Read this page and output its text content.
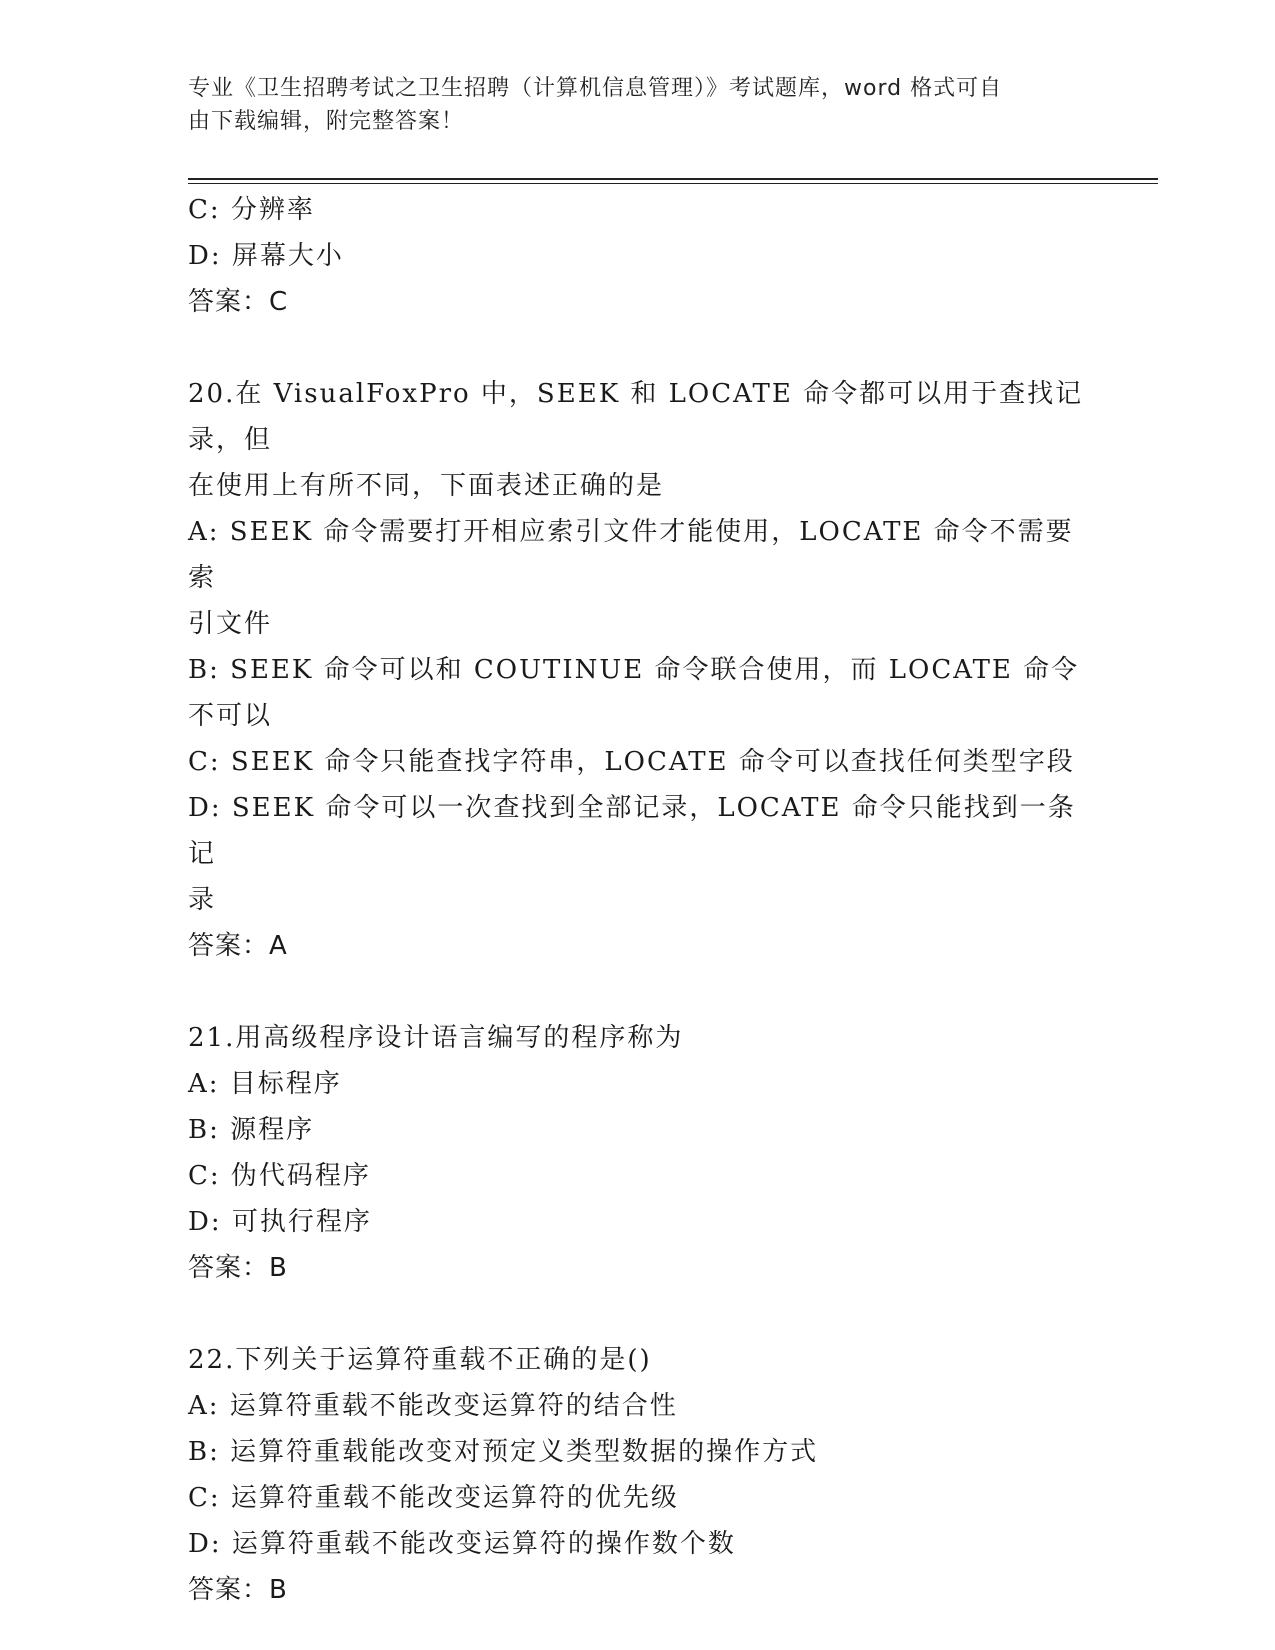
专业《卫生招聘考试之卫生招聘（计算机信息管理）》考试题库，word 格式可自
由下载编辑，附完整答案！

C: 分辨率

D: 屏幕大小

答案：C

20.在 VisualFoxPro 中，SEEK 和 LOCATE 命令都可以用于查找记录，但

在使用上有所不同，下面表述正确的是

A: SEEK 命令需要打开相应索引文件才能使用，LOCATE 命令不需要索

引文件

B: SEEK 命令可以和 COUTINUE 命令联合使用，而 LOCATE 命令不可以

C: SEEK 命令只能查找字符串，LOCATE 命令可以查找任何类型字段

D: SEEK 命令可以一次查找到全部记录，LOCATE 命令只能找到一条记

录

答案：A

21.用高级程序设计语言编写的程序称为

A: 目标程序

B: 源程序

C: 伪代码程序

D: 可执行程序

答案：B

22.下列关于运算符重载不正确的是()

A: 运算符重载不能改变运算符的结合性

B: 运算符重载能改变对预定义类型数据的操作方式

C: 运算符重载不能改变运算符的优先级

D: 运算符重载不能改变运算符的操作数个数

答案：B
